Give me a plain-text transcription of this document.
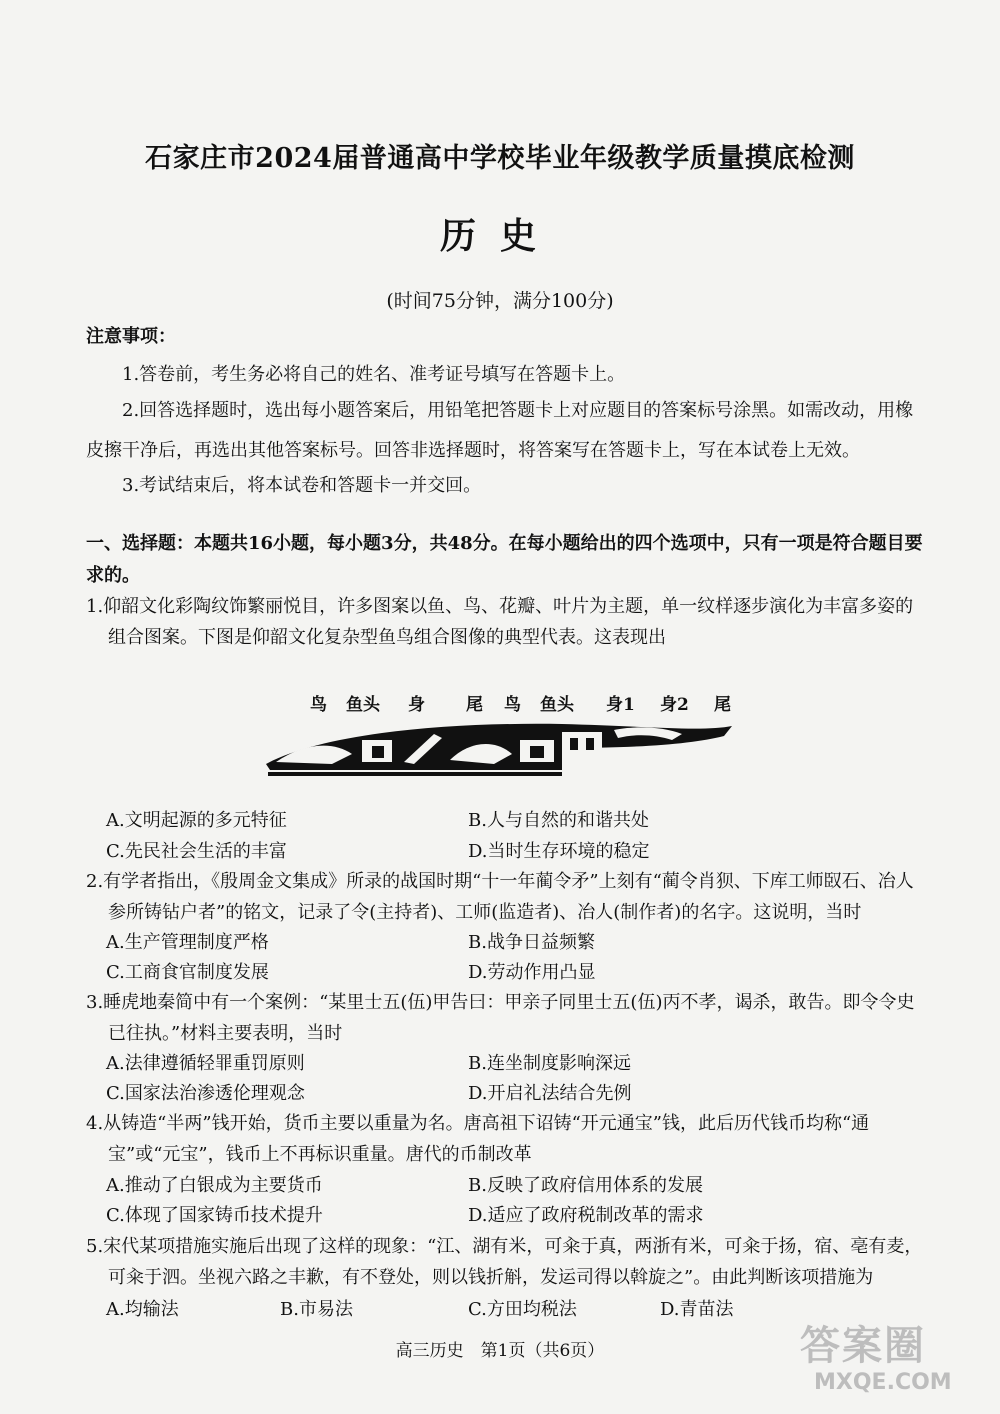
石家庄市2024届普通高中学校毕业年级教学质量摸底检测
历史
(时间75分钟，满分100分)
注意事项：
1.答卷前，考生务必将自己的姓名、准考证号填写在答题卡上。
2.回答选择题时，选出每小题答案后，用铅笔把答题卡上对应题目的答案标号涂黑。如需改动，用橡皮擦干净后，再选出其他答案标号。回答非选择题时，将答案写在答题卡上，写在本试卷上无效。
3.考试结束后，将本试卷和答题卡一并交回。
一、选择题：本题共16小题，每小题3分，共48分。在每小题给出的四个选项中，只有一项是符合题目要求的。
1.仰韶文化彩陶纹饰繁丽悦目，许多图案以鱼、鸟、花瓣、叶片为主题，单一纹样逐步演化为丰富多姿的组合图案。下图是仰韶文化复杂型鱼鸟组合图像的典型代表。这表现出
鸟 鱼头 身 尾 鸟 鱼头 身1 身2 尾
A.文明起源的多元特征	B.人与自然的和谐共处
C.先民社会生活的丰富	D.当时生存环境的稳定
2.有学者指出，《殷周金文集成》所录的战国时期“十一年蔺令矛”上刻有“蔺令肖狈、下库工师臤石、冶人参所铸钻户者”的铭文，记录了令(主持者)、工师(监造者)、冶人(制作者)的名字。这说明，当时
A.生产管理制度严格	B.战争日益频繁
C.工商食官制度发展	D.劳动作用凸显
3.睡虎地秦简中有一个案例：“某里士五(伍)甲告曰：甲亲子同里士五(伍)丙不孝，谒杀，敢告。即令令史已往执。”材料主要表明，当时
A.法律遵循轻罪重罚原则	B.连坐制度影响深远
C.国家法治渗透伦理观念	D.开启礼法结合先例
4.从铸造“半两”钱开始，货币主要以重量为名。唐高祖下诏铸“开元通宝”钱，此后历代钱币均称“通宝”或“元宝”，钱币上不再标识重量。唐代的币制改革
A.推动了白银成为主要货币	B.反映了政府信用体系的发展
C.体现了国家铸币技术提升	D.适应了政府税制改革的需求
5.宋代某项措施实施后出现了这样的现象：“江、湖有米，可籴于真，两浙有米，可籴于扬，宿、亳有麦，可籴于泗。坐视六路之丰歉，有不登处，则以钱折斛，发运司得以斡旋之”。由此判断该项措施为
A.均输法	B.市易法	C.方田均税法	D.青苗法
高三历史　第1页（共6页）	答案圈
MXQE.COM
